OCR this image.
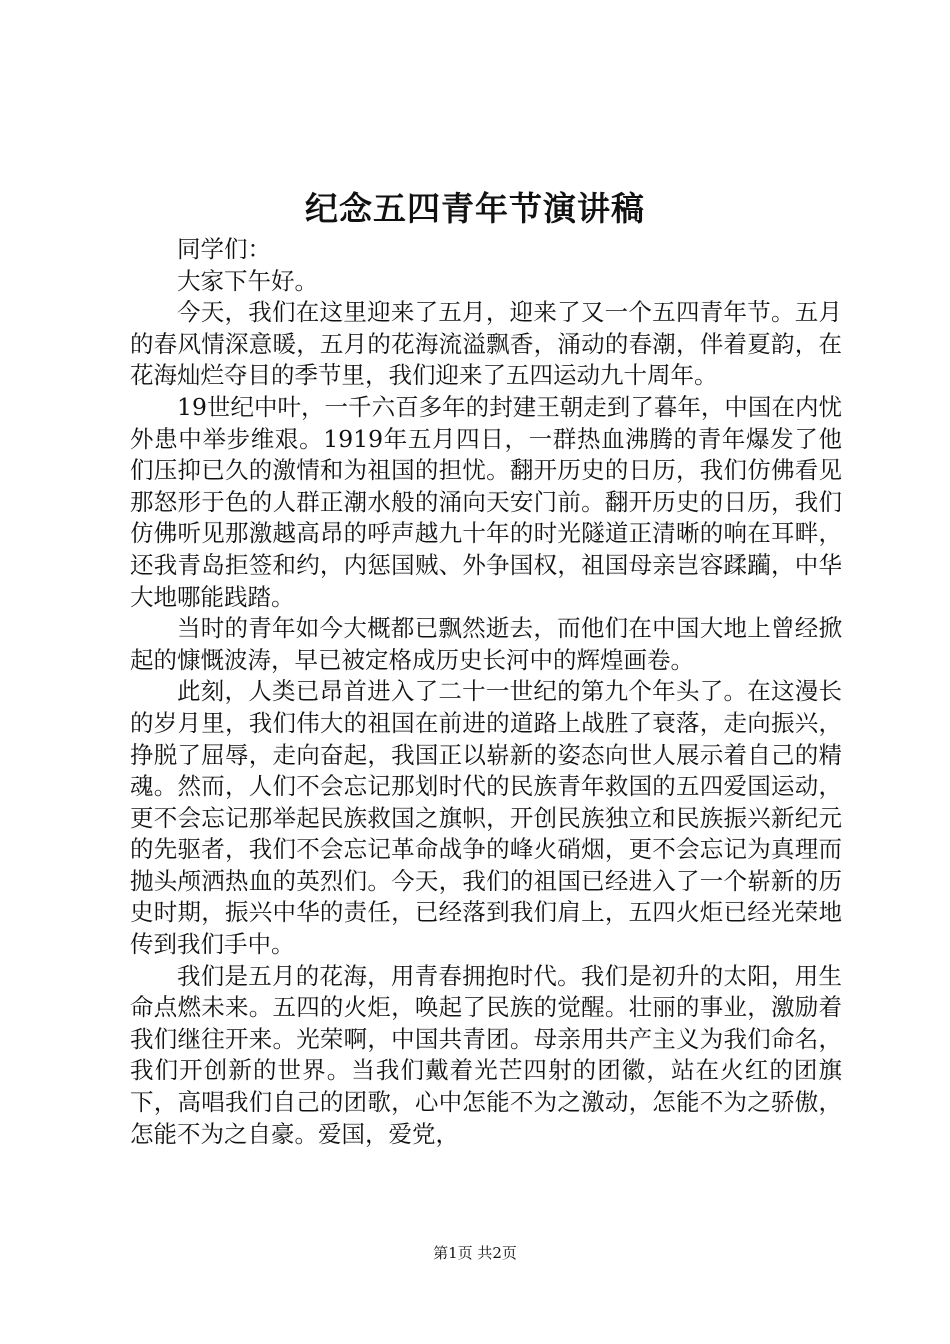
纪念五四青年节演讲稿

同学们：

大家下午好。

今天，我们在这里迎来了五月，迎来了又一个五四青年节。五月的春风情深意暖，五月的花海流溢飘香，涌动的春潮，伴着夏韵，在花海灿烂夺目的季节里，我们迎来了五四运动九十周年。

19世纪中叶，一千六百多年的封建王朝走到了暮年，中国在内忧外患中举步维艰。1919年五月四日，一群热血沸腾的青年爆发了他们压抑已久的激情和为祖国的担忧。翻开历史的日历，我们仿佛看见那怒形于色的人群正潮水般的涌向天安门前。翻开历史的日历，我们仿佛听见那激越高昂的呼声越九十年的时光隧道正清晰的响在耳畔，还我青岛拒签和约，内惩国贼、外争国权，祖国母亲岂容蹂躏，中华大地哪能践踏。

当时的青年如今大概都已飘然逝去，而他们在中国大地上曾经掀起的慷慨波涛，早已被定格成历史长河中的辉煌画卷。

此刻，人类已昂首进入了二十一世纪的第九个年头了。在这漫长的岁月里，我们伟大的祖国在前进的道路上战胜了衰落，走向振兴，挣脱了屈辱，走向奋起，我国正以崭新的姿态向世人展示着自己的精魂。然而，人们不会忘记那划时代的民族青年救国的五四爱国运动，更不会忘记那举起民族救国之旗帜，开创民族独立和民族振兴新纪元的先驱者，我们不会忘记革命战争的峰火硝烟，更不会忘记为真理而抛头颅洒热血的英烈们。今天，我们的祖国已经进入了一个崭新的历史时期，振兴中华的责任，已经落到我们肩上，五四火炬已经光荣地传到我们手中。

我们是五月的花海，用青春拥抱时代。我们是初升的太阳，用生命点燃未来。五四的火炬，唤起了民族的觉醒。壮丽的事业，激励着我们继往开来。光荣啊，中国共青团。母亲用共产主义为我们命名，我们开创新的世界。当我们戴着光芒四射的团徽，站在火红的团旗下，高唱我们自己的团歌，心中怎能不为之激动，怎能不为之骄傲，怎能不为之自豪。爱国，爱党，

第1页 共2页
